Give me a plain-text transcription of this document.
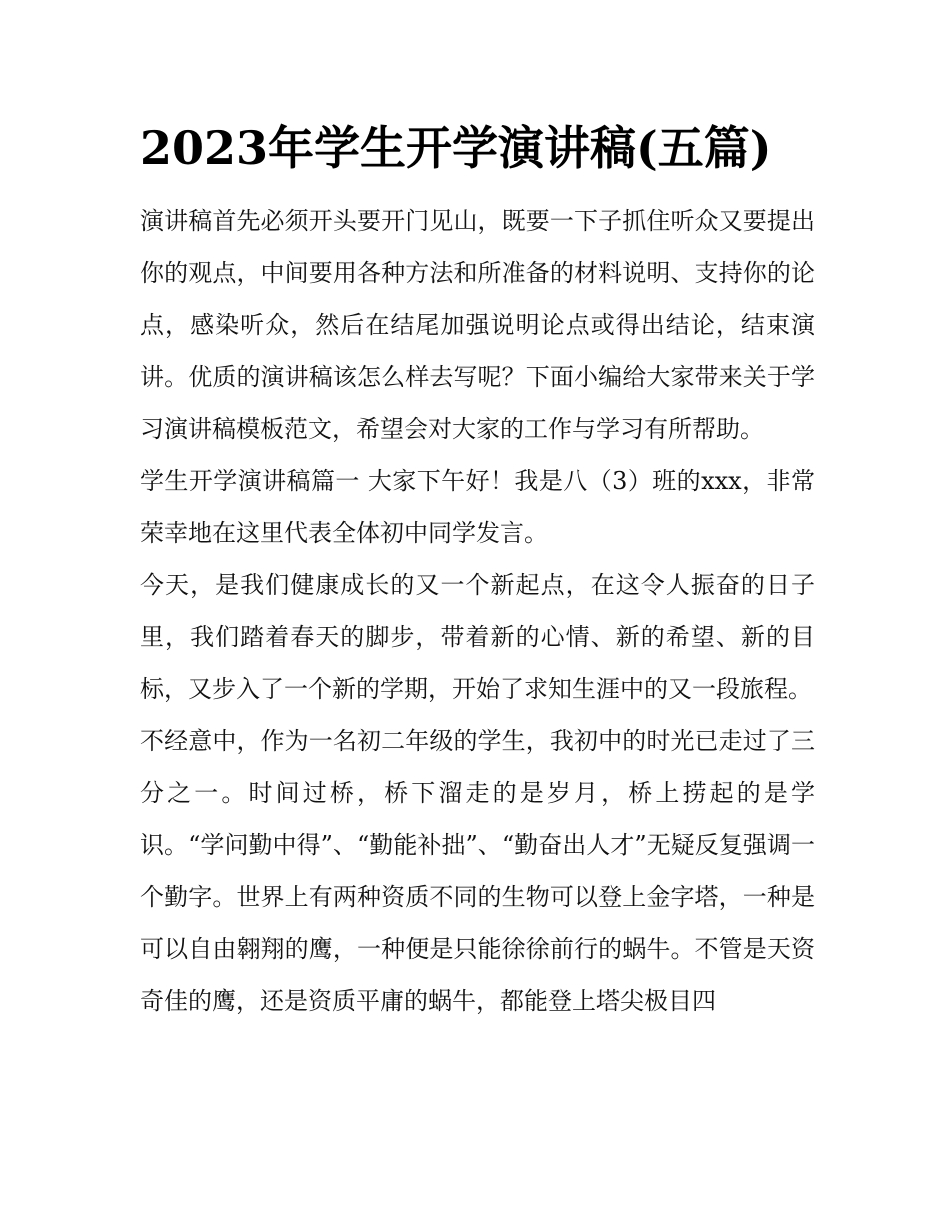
2023年学生开学演讲稿(五篇)

演讲稿首先必须开头要开门见山，既要一下子抓住听众又要提出你的观点，中间要用各种方法和所准备的材料说明、支持你的论点，感染听众，然后在结尾加强说明论点或得出结论，结束演讲。优质的演讲稿该怎么样去写呢？下面小编给大家带来关于学习演讲稿模板范文，希望会对大家的工作与学习有所帮助。

学生开学演讲稿篇一 大家下午好！我是八（3）班的xxx，非常荣幸地在这里代表全体初中同学发言。

今天，是我们健康成长的又一个新起点，在这令人振奋的日子里，我们踏着春天的脚步，带着新的心情、新的希望、新的目标，又步入了一个新的学期，开始了求知生涯中的又一段旅程。

不经意中，作为一名初二年级的学生，我初中的时光已走过了三分之一。时间过桥，桥下溜走的是岁月，桥上捞起的是学识。“学问勤中得”、“勤能补拙”、“勤奋出人才”无疑反复强调一个勤字。世界上有两种资质不同的生物可以登上金字塔，一种是可以自由翱翔的鹰，一种便是只能徐徐前行的蜗牛。不管是天资奇佳的鹰，还是资质平庸的蜗牛，都能登上塔尖极目四
